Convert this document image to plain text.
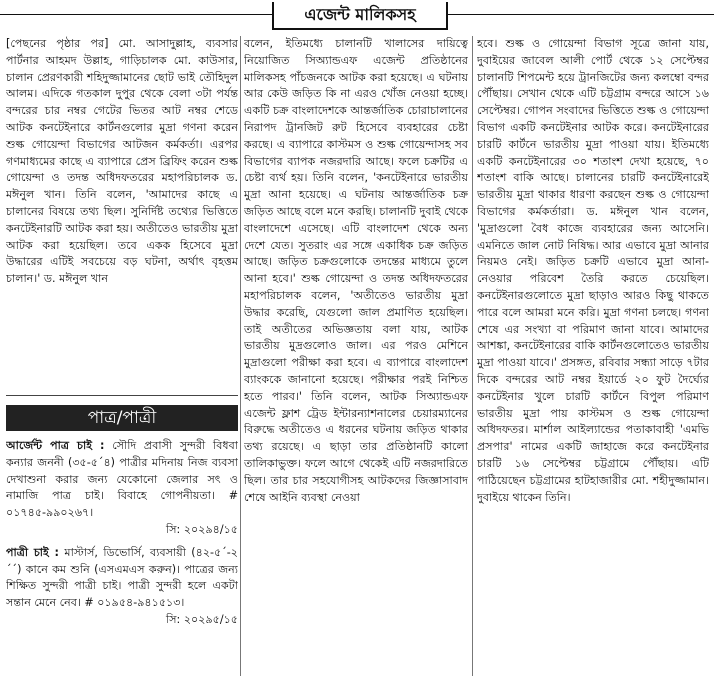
এজেন্ট মালিকসহ

[পেছনের পৃষ্ঠার পর] মো. আসাদুল্লাহ, ব্যবসার পার্টনার আহমদ উল্লাহ, গাড়িচালক মো. কাউসার, চালান প্রেরণকারী শহিদুজ্জামানের ছোট ভাই তৌহিদুল আলম। এদিকে গতকাল দুপুর থেকে বেলা ৩টা পর্যন্ত বন্দরের চার নম্বর গেটের ভিতর আট নম্বর শেডে আটক কনটেইনারে কার্টনগুলোর মুদ্রা গণনা করেন শুল্ক গোয়েন্দা বিভাগের আটজন কর্মকর্তা। এরপর গণমাধ্যমের কাছে এ ব্যাপারে প্রেস ব্রিফিং করেন শুল্ক গোয়েন্দা ও তদন্ত অধিদফতরের মহাপরিচালক ড. মঈনুল খান। তিনি বলেন, 'আমাদের কাছে এ চালানের বিষয়ে তথ্য ছিল। সুনির্দিষ্ট তথ্যের ভিত্তিতে কনটেইনারটি আটক করা হয়। অতীতেও ভারতীয় মুদ্রা আটক করা হয়েছিল। তবে একক হিসেবে মুদ্রা উদ্ধারের এটিই সবচেয়ে বড় ঘটনা, অর্থাৎ বৃহত্তম চালান।' ড. মঈনুল খান

পাত্র/পাত্রী
আর্জেন্ট পাত্র চাই : সৌদি প্রবাসী সুন্দরী বিধবা কন্যার জননী (৩৫-৫´৪) পাত্রীর মদিনায় নিজ ব্যবসা দেখাশুনা করার জন্য যেকোনো জেলার সৎ ও নামাজি পাত্র চাই। বিবাহে গোপনীয়তা। # ০১৭৪৫-৯৯০২৬৭।
সি: ২০২৯৪/১৫
পাত্রী চাই : মাস্টার্স, ডিভোর্সি, ব্যবসায়ী (৪২-৫´-২´´) কানে কম শুনি (এসএমএস করুন)। পাত্রের জন্য শিক্ষিত সুন্দরী পাত্রী চাই। পাত্রী সুন্দরী হলে একটা সন্তান মেনে নেব। # ০১৯৫৪-৯৪১৫১৩।
সি: ২০২৯৫/১৫

বলেন, ইতিমধ্যে চালানটি খালাসের দায়িত্বে নিয়োজিত সিঅ্যান্ডএফ এজেন্ট প্রতিষ্ঠানের মালিকসহ পাঁচজনকে আটক করা হয়েছে। এ ঘটনায় আর কেউ জড়িত কি না এরও খোঁজ নেওয়া হচ্ছে। একটি চক্র বাংলাদেশকে আন্তর্জাতিক চোরাচালানের নিরাপদ ট্রানজিট রুট হিসেবে ব্যবহারের চেষ্টা করছে। এ ব্যাপারে কাস্টমস ও শুল্ক গোয়েন্দাসহ সব বিভাগের ব্যাপক নজরদারি আছে। ফলে চক্রটির এ চেষ্টা ব্যর্থ হয়। তিনি বলেন, 'কনটেইনারে ভারতীয় মুদ্রা আনা হয়েছে। এ ঘটনায় আন্তর্জাতিক চক্র জড়িত আছে বলে মনে করছি। চালানটি দুবাই থেকে বাংলাদেশে এসেছে। এটি বাংলাদেশ থেকে অন্য দেশে যেত। সুতরাং এর সঙ্গে একাধিক চক্র জড়িত আছে। জড়িত চক্রগুলোকে তদন্তের মাধ্যমে তুলে আনা হবে।' শুল্ক গোয়েন্দা ও তদন্ত অধিদফতরের মহাপরিচালক বলেন, 'অতীতেও ভারতীয় মুদ্রা উদ্ধার করেছি, যেগুলো জাল প্রমাণিত হয়েছিল। তাই অতীতের অভিজ্ঞতায় বলা যায়, আটক ভারতীয় মুদ্রগুলোও জাল। এর পরও মেশিনে মুদ্রাগুলো পরীক্ষা করা হবে। এ ব্যাপারে বাংলাদেশ ব্যাংককে জানানো হয়েছে। পরীক্ষার পরই নিশ্চিত হতে পারব।' তিনি বলেন, আটক সিঅ্যান্ডএফ এজেন্ট ফ্লাশ ট্রেড ইন্টারন্যাশনালের চেয়ারম্যানের বিরুদ্ধে অতীতেও এ ধরনের ঘটনায় জড়িত থাকার তথ্য রয়েছে। এ ছাড়া তার প্রতিষ্ঠানটি কালো তালিকাভুক্ত। ফলে আগে থেকেই এটি নজরদারিতে ছিল। তার চার সহযোগীসহ আটকদের জিজ্ঞাসাবাদ শেষে আইনি ব্যবস্থা নেওয়া

হবে। শুল্ক ও গোয়েন্দা বিভাগ সূত্রে জানা যায়, দুবাইয়ের জাবেল আলী পোর্ট থেকে ১২ সেপ্টেম্বর চালানটি শিপমেন্ট হয়ে ট্রানজিটের জন্য কলম্বো বন্দর পৌঁছায়। সেখান থেকে এটি চট্টগ্রাম বন্দরে আসে ১৬ সেপ্টেম্বর। গোপন সংবাদের ভিত্তিতে শুল্ক ও গোয়েন্দা বিভাগ একটি কনটেইনার আটক করে। কনটেইনারের চারটি কার্টনে ভারতীয় মুদ্রা পাওয়া যায়। ইতিমধ্যে একটি কনটেইনারের ৩০ শতাংশ দেখা হয়েছে, ৭০ শতাংশ বাকি আছে। চালানের চারটি কনটেইনারেই ভারতীয় মুদ্রা থাকার ধারণা করছেন শুল্ক ও গোয়েন্দা বিভাগের কর্মকর্তারা। ড. মঈনুল খান বলেন, 'মুদ্রাগুলো বৈধ কাজে ব্যবহারের জন্য আসেনি। এমনিতে জাল নোট নিষিদ্ধ। আর এভাবে মুদ্রা আনার নিয়মও নেই। জড়িত চক্রটি এভাবে মুদ্রা আনা-নেওয়ার পরিবেশ তৈরি করতে চেয়েছিল। কনটেইনারগুলোতে মুদ্রা ছাড়াও আরও কিছু থাকতে পারে বলে আমরা মনে করি। মুদ্রা গণনা চলছে। গণনা শেষে এর সংখ্যা বা পরিমাণ জানা যাবে। আমাদের আশঙ্কা, কনটেইনারের বাকি কার্টনগুলোতেও ভারতীয় মুদ্রা পাওয়া যাবে।' প্রসঙ্গত, রবিবার সন্ধ্যা সাড়ে ৭টার দিকে বন্দরের আট নম্বর ইয়ার্ডে ২০ ফুট দৈর্ঘ্যের কনটেইনার খুলে চারটি কার্টনে বিপুল পরিমাণ ভারতীয় মুদ্রা পায় কাস্টমস ও শুল্ক গোয়েন্দা অধিদফতর। মার্শাল আইল্যান্ডের পতাকাবাহী 'এমভি প্রসপার' নামের একটি জাহাজে করে কনটেইনার চারটি ১৬ সেপ্টেম্বর চট্টগ্রামে পৌঁছায়। এটি পাঠিয়েছেন চট্টগ্রামের হাটহাজারীর মো. শহীদুজ্জামান। দুবাইয়ে থাকেন তিনি।
